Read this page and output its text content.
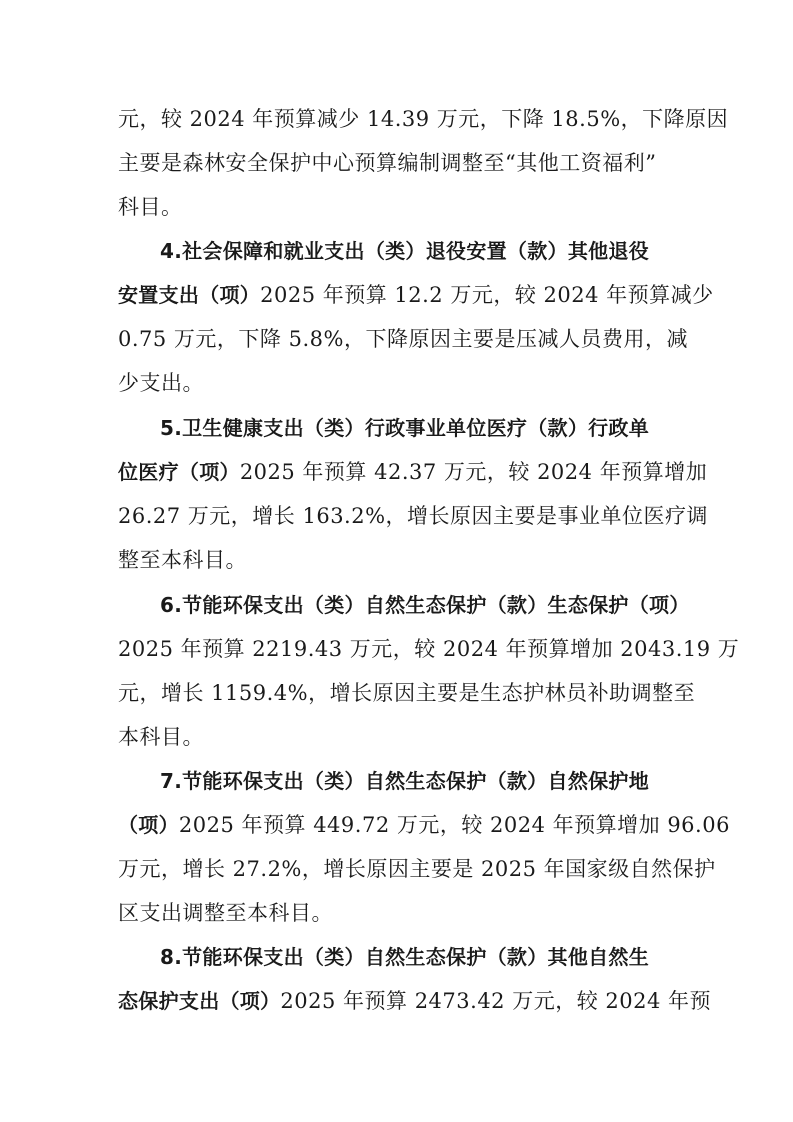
元，较 2024 年预算减少 14.39 万元，下降 18.5%，下降原因
主要是森林安全保护中心预算编制调整至“其他工资福利”
科目。
4.社会保障和就业支出（类）退役安置（款）其他退役
安置支出（项）2025 年预算 12.2 万元，较 2024 年预算减少
0.75 万元，下降 5.8%，下降原因主要是压减人员费用，减
少支出。
5.卫生健康支出（类）行政事业单位医疗（款）行政单
位医疗（项）2025 年预算 42.37 万元，较 2024 年预算增加
26.27 万元，增长 163.2%，增长原因主要是事业单位医疗调
整至本科目。
6.节能环保支出（类）自然生态保护（款）生态保护（项）
2025 年预算 2219.43 万元，较 2024 年预算增加 2043.19 万
元，增长 1159.4%，增长原因主要是生态护林员补助调整至
本科目。
7.节能环保支出（类）自然生态保护（款）自然保护地
（项）2025 年预算 449.72 万元，较 2024 年预算增加 96.06
万元，增长 27.2%，增长原因主要是 2025 年国家级自然保护
区支出调整至本科目。
8.节能环保支出（类）自然生态保护（款）其他自然生
态保护支出（项）2025 年预算 2473.42 万元，较 2024 年预
